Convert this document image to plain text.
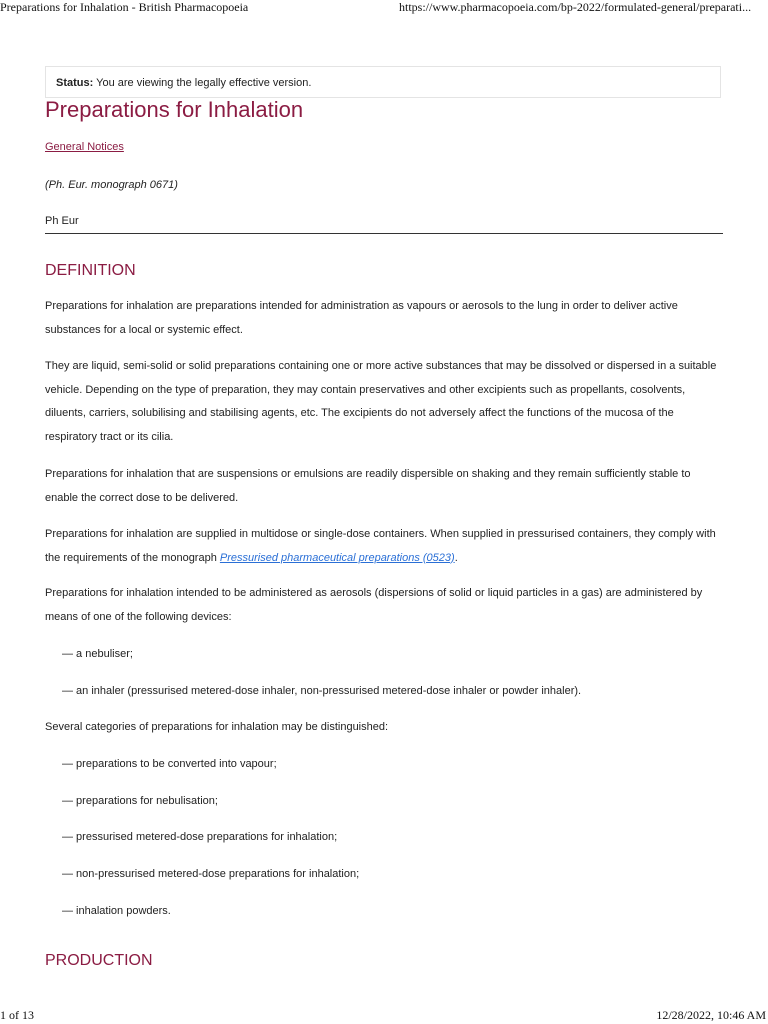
Preparations for Inhalation - British Pharmacopoeia	https://www.pharmacopoeia.com/bp-2022/formulated-general/preparati...
Status: You are viewing the legally effective version.
Preparations for Inhalation
General Notices
(Ph. Eur. monograph 0671)
Ph Eur
DEFINITION

Preparations for inhalation are preparations intended for administration as vapours or aerosols to the lung in order to deliver active substances for a local or systemic effect.

They are liquid, semi-solid or solid preparations containing one or more active substances that may be dissolved or dispersed in a suitable vehicle. Depending on the type of preparation, they may contain preservatives and other excipients such as propellants, cosolvents, diluents, carriers, solubilising and stabilising agents, etc. The excipients do not adversely affect the functions of the mucosa of the respiratory tract or its cilia.

Preparations for inhalation that are suspensions or emulsions are readily dispersible on shaking and they remain sufficiently stable to enable the correct dose to be delivered.

Preparations for inhalation are supplied in multidose or single-dose containers. When supplied in pressurised containers, they comply with the requirements of the monograph Pressurised pharmaceutical preparations (0523).

Preparations for inhalation intended to be administered as aerosols (dispersions of solid or liquid particles in a gas) are administered by means of one of the following devices:

— a nebuliser;

— an inhaler (pressurised metered-dose inhaler, non-pressurised metered-dose inhaler or powder inhaler).

Several categories of preparations for inhalation may be distinguished:

— preparations to be converted into vapour;

— preparations for nebulisation;

— pressurised metered-dose preparations for inhalation;

— non-pressurised metered-dose preparations for inhalation;

— inhalation powders.

PRODUCTION
1 of 13	12/28/2022, 10:46 AM
